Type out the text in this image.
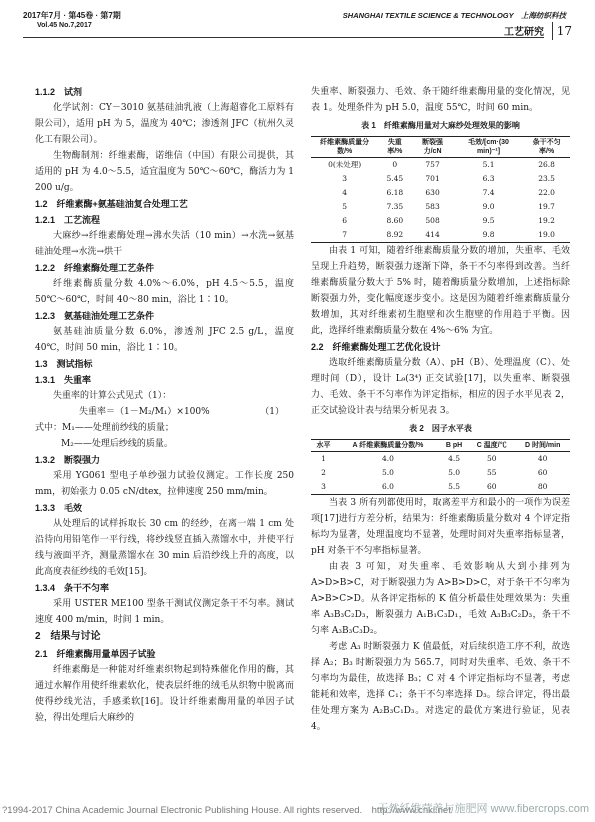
2017年7月 · 第45卷 · 第7期
Vol.45 No.7,2017
SHANGHAI TEXTILE SCIENCE & TECHNOLOGY　 上海纺织科技
工艺研究	17

1.1.2　试剂

化学试剂：CY－3010 氨基硅油乳液（上海超睿化工原料有限公司），适用 pH 为 5，温度为 40℃；渗透剂 JFC（杭州久灵化工有限公司）。

生物酶制剂：纤维素酶，诺维信（中国）有限公司提供，其适用的 pH 为 4.0～5.5，适宜温度为 50℃～60℃，酶活力为 1 200 u/g。

1.2　纤维素酶+氨基硅油复合处理工艺

1.2.1　工艺流程

大麻纱→纤维素酶处理→沸水失活（10 min）→水洗→氨基硅油处理→水洗→烘干

1.2.2　纤维素酶处理工艺条件

纤维素酶质量分数 4.0%～6.0%，pH 4.5～5.5，温度 50℃～60℃，时间 40～80 min，浴比 1∶10。

1.2.3　氨基硅油处理工艺条件

氨基硅油质量分数 6.0%，渗透剂 JFC 2.5 g/L，温度 40℃，时间 50 min，浴比 1∶10。

1.3　测试指标

1.3.1　失重率

失重率的计算公式见式（1）：

失重率＝（1－M₂/M₁）×100%	（1）

式中：M₁——处理前纱线的质量；

M₂——处理后纱线的质量。

1.3.2　断裂强力

采用 YG061 型电子单纱强力试验仪测定。工作长度 250 mm，初始张力 0.05 cN/dtex，拉伸速度 250 mm/min。

1.3.3　毛效

从处理后的试样拆取长 30 cm 的经纱，在离一端 1 cm 处沿待向用铅笔作一平行线，将纱线竖直插入蒸馏水中，并使平行线与液面平齐，测量蒸馏水在 30 min 后沿纱线上升的高度，以此高度表征纱线的毛效[15]。

1.3.4　条干不匀率

采用 USTER ME100 型条干测试仪测定条干不匀率。测试速度 400 m/min，时间 1 min。

2　结果与讨论

2.1　纤维素酶用量单因子试验

纤维素酶是一种能对纤维素织物起到特殊催化作用的酶，其通过水解作用使纤维素软化，使表层纤维的绒毛从织物中脱离而使得纱线光洁，手感柔软[16]。设计纤维素酶用量的单因子试验，得出处理后大麻纱的

失重率、断裂强力、毛效、条干随纤维素酶用量的变化情况，见表 1。处理条件为 pH 5.0，温度 55℃，时间 60 min。

表 1　纤维素酶用量对大麻纱处理效果的影响

纤维素酶质量分数/%	失重率/%	断裂强力/cN	毛效/[cm·(30 min)⁻¹]	条干不匀率/%
0(未处理)	0	757	5.1	26.8
3	5.45	701	6.3	23.5
4	6.18	630	7.4	22.0
5	7.35	583	9.0	19.7
6	8.60	508	9.5	19.2
7	8.92	414	9.8	19.0

由表 1 可知，随着纤维素酶质量分数的增加，失重率、毛效呈现上升趋势，断裂强力逐渐下降，条干不匀率得到改善。当纤维素酶质量分数大于 5% 时，随着酶质量分数增加，上述指标除断裂强力外，变化幅度逐步变小。这是因为随着纤维素酶质量分数增加，其对纤维素初生胞壁和次生胞壁的作用趋于平衡。因此，选择纤维素酶质量分数在 4%～6% 为宜。

2.2　纤维素酶处理工艺优化设计

选取纤维素酶质量分数（A）、pH（B）、处理温度（C）、处理时间（D），设计 L₉(3⁴) 正交试验[17]，以失重率、断裂强力、毛效、条干不匀率作为评定指标，相应的因子水平见表 2，正交试验设计表与结果分析见表 3。

表 2　因子水平表

水平	A 纤维素酶质量分数/%	B pH	C 温度/℃	D 时间/min
1	4.0	4.5	50	40
2	5.0	5.0	55	60
3	6.0	5.5	60	80

当表 3 所有列都使用时，取离差平方和最小的一项作为误差项[17]进行方差分析，结果为：纤维素酶质量分数对 4 个评定指标均为显著，处理温度均不显著，处理时间对失重率指标显著，pH 对条干不匀率指标显著。

由表 3 可知，对失重率、毛效影响从大到小排列为 A>D>B>C，对于断裂强力为 A>B>D>C，对于条干不匀率为 A>B>C>D。从各评定指标的 K 值分析最佳处理效果为：失重率 A₃B₃C₂D₃，断裂强力 A₁B₁C₃D₁，毛效 A₃B₃C₂D₃，条干不匀率 A₃B₃C₃D₂。

考虑 A₃ 时断裂强力 K 值最低，对后续织造工序不利，故选择 A₂；B₃ 时断裂强力为 565.7，同时对失重率、毛效、条干不匀率均为最佳，故选择 B₃；C 对 4 个评定指标均不显著，考虑能耗和效率，选择 C₁；条干不匀率选择 D₃。综合评定，得出最佳处理方案为 A₂B₃C₁D₃。对选定的最优方案进行验证，见表 4。

?1994-2017 China Academic Journal Electronic Publishing House. All rights reserved.　http://www.cnki.net
天然纤维营养与施肥网 www.fibercrops.com
